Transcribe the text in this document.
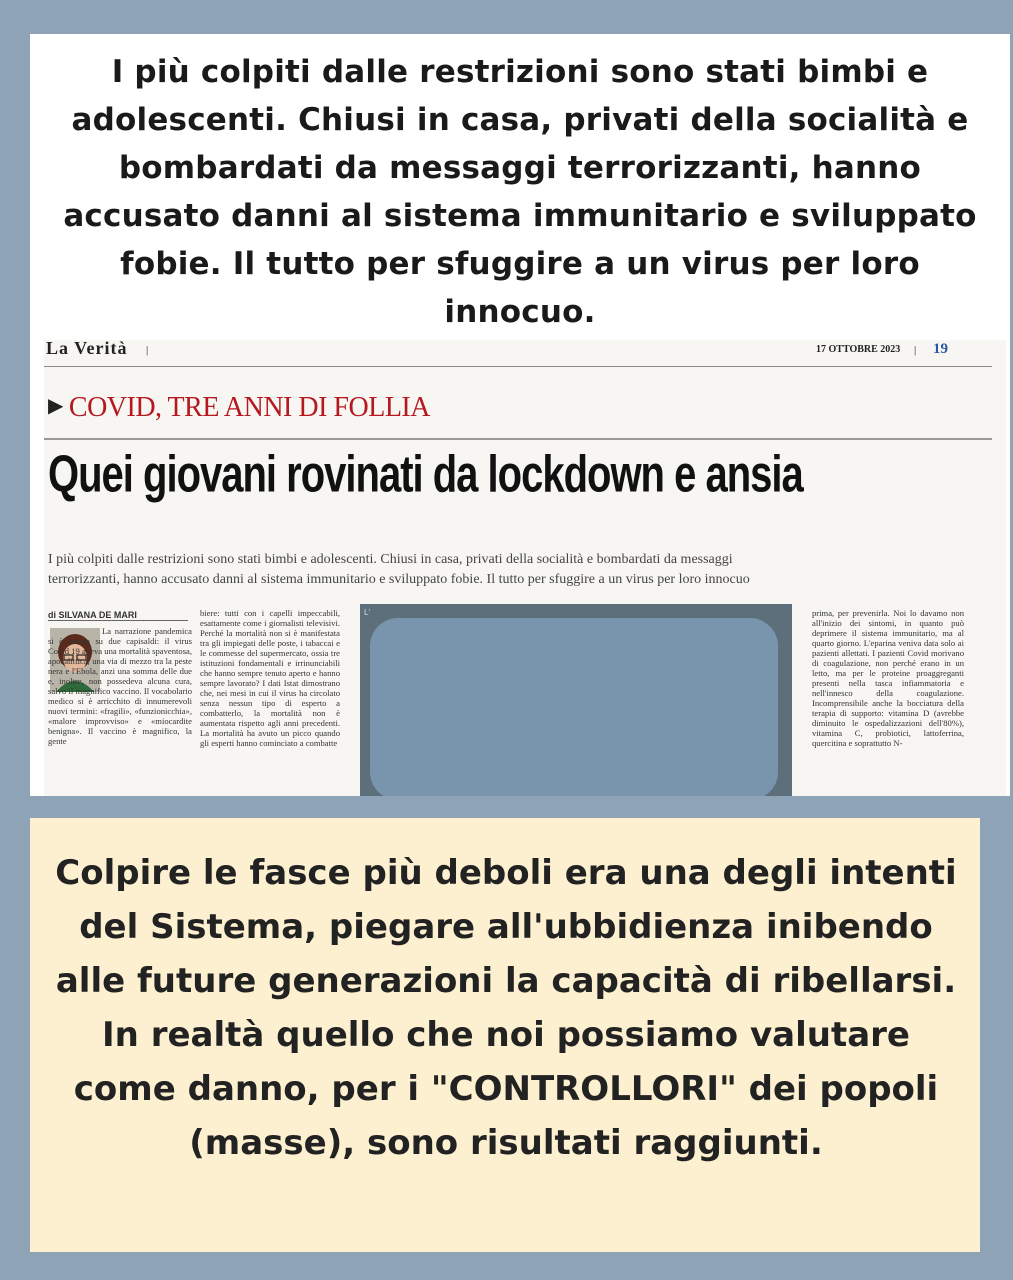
I più colpiti dalle restrizioni sono stati bimbi e adolescenti. Chiusi in casa, privati della socialità e bombardati da messaggi terrorizzanti, hanno accusato danni al sistema immunitario e sviluppato fobie. Il tutto per sfuggire a un virus per loro innocuo.
La Verità |	17 OTTOBRE 2023 | 19
▶ COVID, TRE ANNI DI FOLLIA
Quei giovani rovinati da lockdown e ansia
I più colpiti dalle restrizioni sono stati bimbi e adolescenti. Chiusi in casa, privati della socialità e bombardati da messaggi
terrorizzanti, hanno accusato danni al sistema immunitario e sviluppato fobie. Il tutto per sfuggire a un virus per loro innocuo
di SILVANA DE MARI
La narrazione pandemica si è basata su due capisaldi: il virus Covid 19 aveva una mortalità spaventosa, apocalittica, una via di mezzo tra la peste nera e l'Ebola, anzi una somma delle due e, inoltre, non possedeva alcuna cura, salvo il magnifico vaccino. Il vocabolario medico si è arricchito di innumerevoli nuovi termini: «fragili», «funzionicchia», «malore improvviso» e «miocardite benigna». Il vaccino è magnifico, la gente
biere: tutti con i capelli impeccabili, esattamente come i giornalisti televisivi. Perché la mortalità non si è manifestata tra gli impiegati delle poste, i tabaccai e le commesse del supermercato, ossia tre istituzioni fondamentali e irrinunciabili che hanno sempre tenuto aperto e hanno sempre lavorato? I dati Istat dimostrano che, nei mesi in cui il virus ha circolato senza nessun tipo di esperto a combatterlo, la mortalità non è aumentata rispetto agli anni precedenti. La mortalità ha avuto un picco quando gli esperti hanno cominciato a combatte
L'	prima, per prevenirla. Noi lo davamo non all'inizio dei sintomi, in quanto può deprimere il sistema immunitario, ma al quarto giorno. L'eparina veniva data solo ai pazienti allettati. I pazienti Covid morivano di coagulazione, non perché erano in un letto, ma per le proteine proaggreganti presenti nella tasca infiammatoria e nell'innesco della coagulazione. Incomprensibile anche la bocciatura della terapia di supporto: vitamina D (avrebbe diminuito le ospedalizzazioni dell'80%), vitamina C, probiotici, lattoferrina, quercitina e soprattutto N-
Colpire le fasce più deboli era una degli intenti del Sistema, piegare all'ubbidienza inibendo alle future generazioni la capacità di ribellarsi. In realtà quello che noi possiamo valutare come danno, per i "CONTROLLORI" dei popoli (masse), sono risultati raggiunti.
